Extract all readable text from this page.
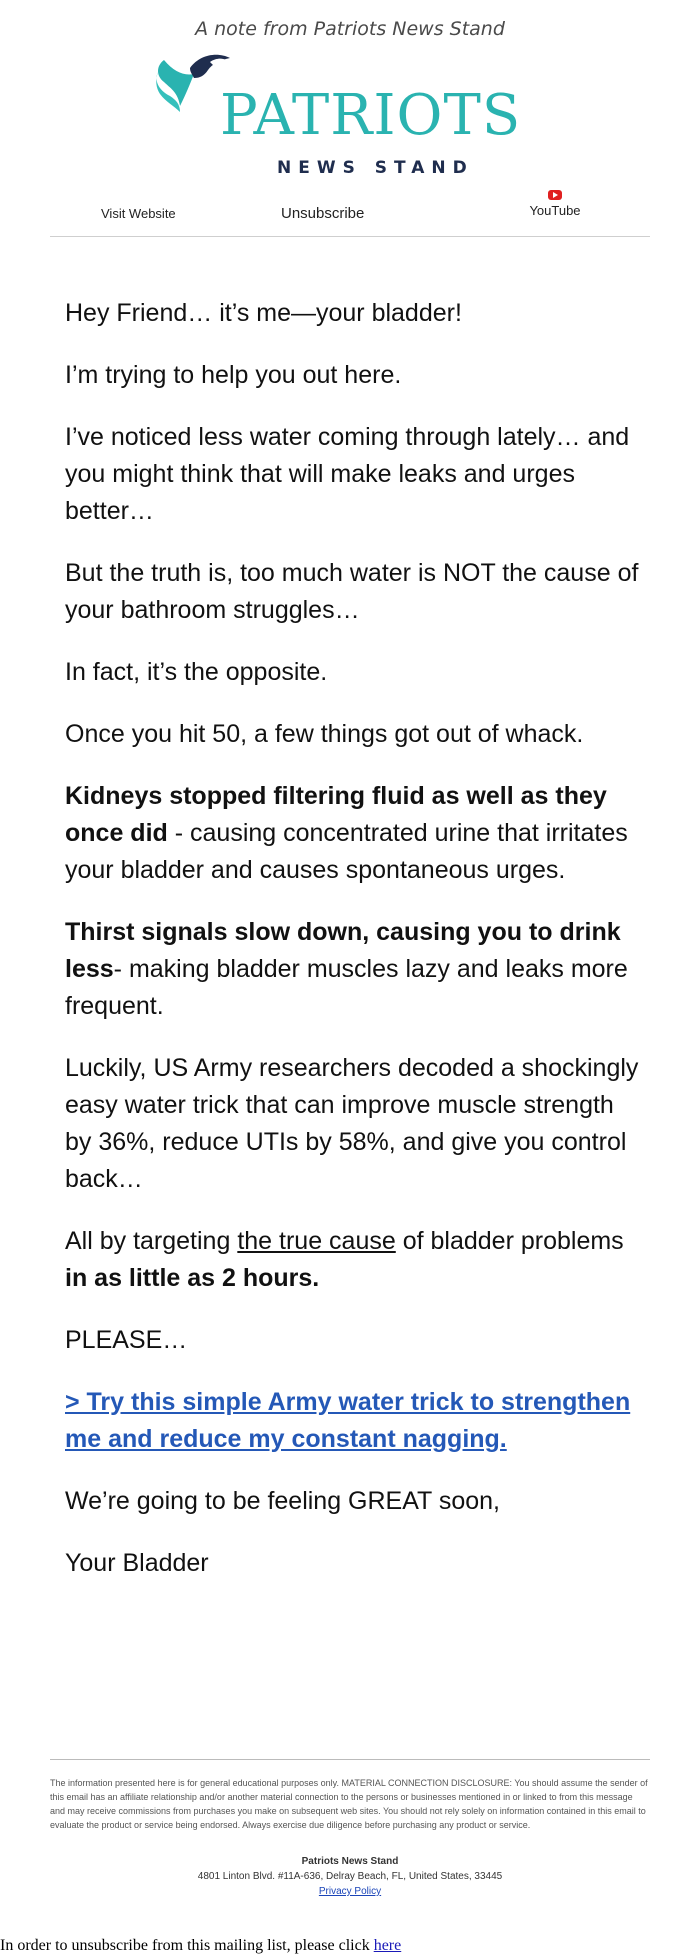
A note from Patriots News Stand
PATRIOTS
NEWS STAND
Visit Website	Unsubscribe	YouTube

Hey Friend… it’s me—your bladder!

I’m trying to help you out here.

I’ve noticed less water coming through lately… and you might think that will make leaks and urges better…

But the truth is, too much water is NOT the cause of your bathroom struggles…

In fact, it’s the opposite.

Once you hit 50, a few things got out of whack.

Kidneys stopped filtering fluid as well as they once did - causing concentrated urine that irritates your bladder and causes spontaneous urges.

Thirst signals slow down, causing you to drink less- making bladder muscles lazy and leaks more frequent.

Luckily, US Army researchers decoded a shockingly easy water trick that can improve muscle strength by 36%, reduce UTIs by 58%, and give you control back…

All by targeting the true cause of bladder problems in as little as 2 hours.

PLEASE…

> Try this simple Army water trick to strengthen me and reduce my constant nagging.

We’re going to be feeling GREAT soon,

Your Bladder

The information presented here is for general educational purposes only. MATERIAL CONNECTION DISCLOSURE: You should assume the sender of this email has an affiliate relationship and/or another material connection to the persons or businesses mentioned in or linked to from this message and may receive commissions from purchases you make on subsequent web sites. You should not rely solely on information contained in this email to evaluate the product or service being endorsed. Always exercise due diligence before purchasing any product or service.

Patriots News Stand
4801 Linton Blvd. #11A-636, Delray Beach, FL, United States, 33445
Privacy Policy
In order to unsubscribe from this mailing list, please click here
